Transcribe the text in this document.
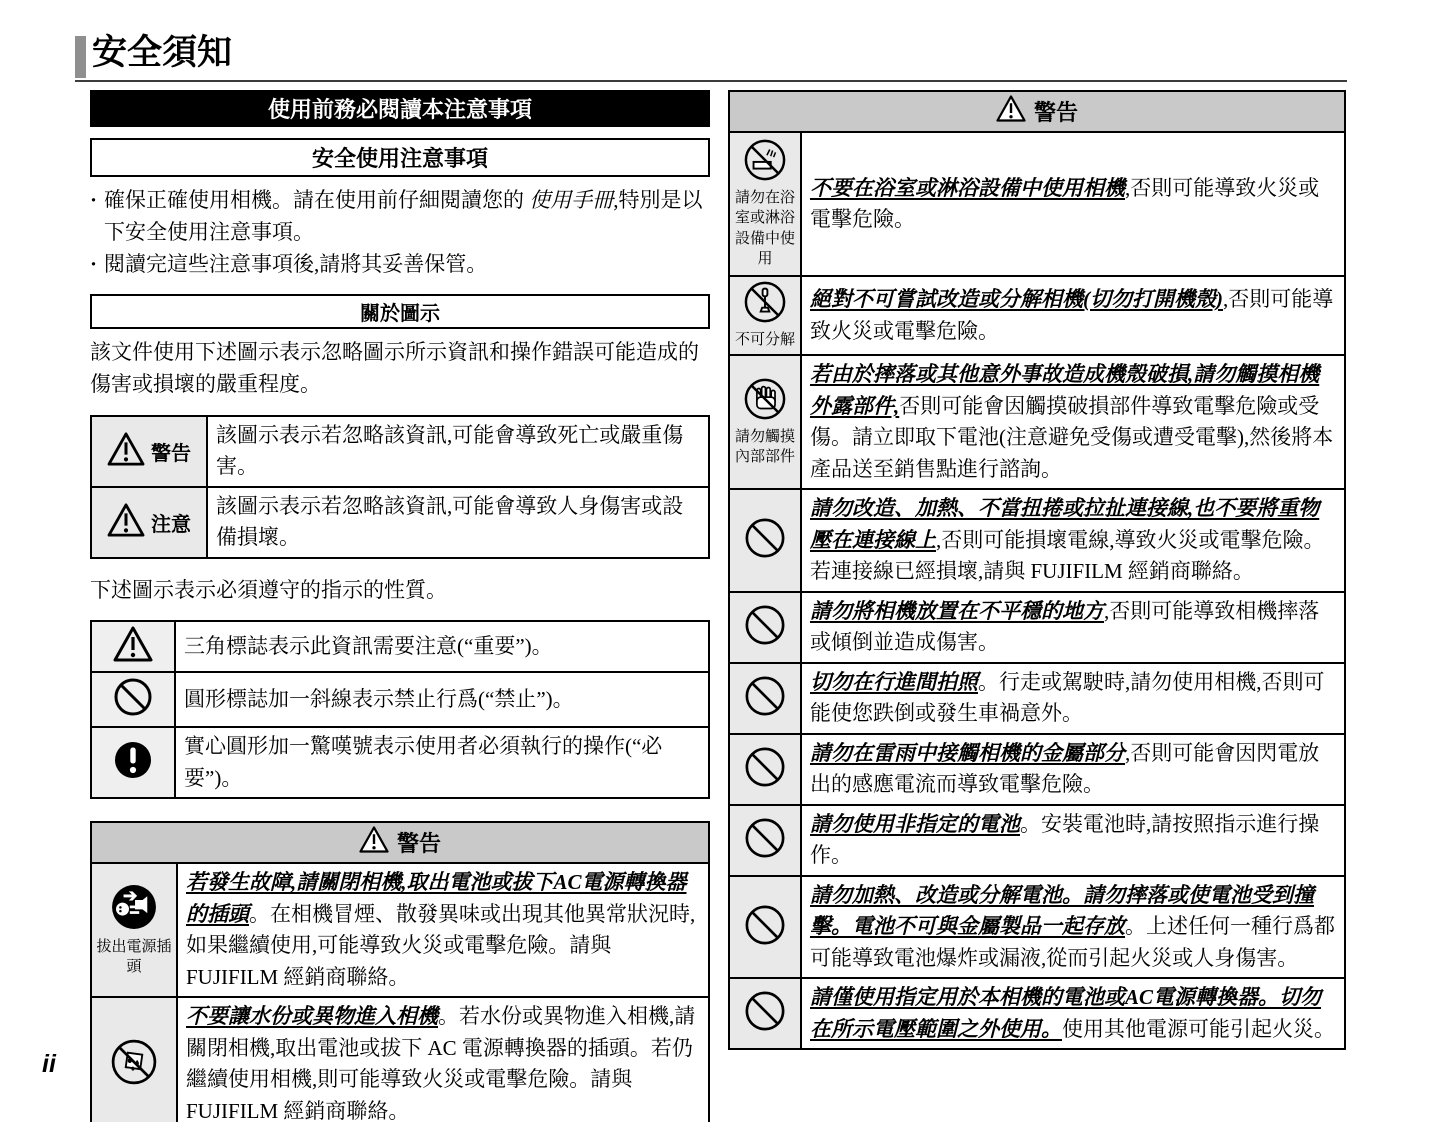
安全須知
使用前務必閱讀本注意事項
安全使用注意事項
· 確保正確使用相機。請在使用前仔細閱讀您的 使用手冊,特別是以下安全使用注意事項。
· 閱讀完這些注意事項後,請將其妥善保管。
關於圖示
該文件使用下述圖示表示忽略圖示所示資訊和操作錯誤可能造成的傷害或損壞的嚴重程度。
警告
該圖示表示若忽略該資訊,可能會導致死亡或嚴重傷害。
注意
該圖示表示若忽略該資訊,可能會導致人身傷害或設備損壞。
下述圖示表示必須遵守的指示的性質。
三角標誌表示此資訊需要注意(“重要”)。
圓形標誌加一斜線表示禁止行爲(“禁止”)。
實心圓形加一驚嘆號表示使用者必須執行的操作(“必要”)。
警告
拔出電源插頭
若發生故障,請關閉相機,取出電池或拔下AC電源轉換器的插頭。在相機冒煙、散發異味或出現其他異常狀況時,如果繼續使用,可能導致火災或電擊危險。請與 FUJIFILM 經銷商聯絡。
不要讓水份或異物進入相機。若水份或異物進入相機,請關閉相機,取出電池或拔下 AC 電源轉換器的插頭。若仍繼續使用相機,則可能導致火災或電擊危險。請與 FUJIFILM 經銷商聯絡。
警告
請勿在浴室或淋浴設備中使用
不要在浴室或淋浴設備中使用相機,否則可能導致火災或電擊危險。
不可分解
絕對不可嘗試改造或分解相機(切勿打開機殼),否則可能導致火災或電擊危險。
請勿觸摸內部部件
若由於摔落或其他意外事故造成機殼破損,請勿觸摸相機外露部件,否則可能會因觸摸破損部件導致電擊危險或受傷。請立即取下電池(注意避免受傷或遭受電擊),然後將本產品送至銷售點進行諮詢。
請勿改造、加熱、不當扭捲或拉扯連接線,也不要將重物壓在連接線上,否則可能損壞電線,導致火災或電擊危險。若連接線已經損壞,請與 FUJIFILM 經銷商聯絡。
請勿將相機放置在不平穩的地方,否則可能導致相機摔落或傾倒並造成傷害。
切勿在行進間拍照。行走或駕駛時,請勿使用相機,否則可能使您跌倒或發生車禍意外。
請勿在雷雨中接觸相機的金屬部分,否則可能會因閃電放出的感應電流而導致電擊危險。
請勿使用非指定的電池。安裝電池時,請按照指示進行操作。
請勿加熱、改造或分解電池。請勿摔落或使電池受到撞擊。電池不可與金屬製品一起存放。上述任何一種行爲都可能導致電池爆炸或漏液,從而引起火災或人身傷害。
請僅使用指定用於本相機的電池或AC電源轉換器。切勿在所示電壓範圍之外使用。使用其他電源可能引起火災。
ii
